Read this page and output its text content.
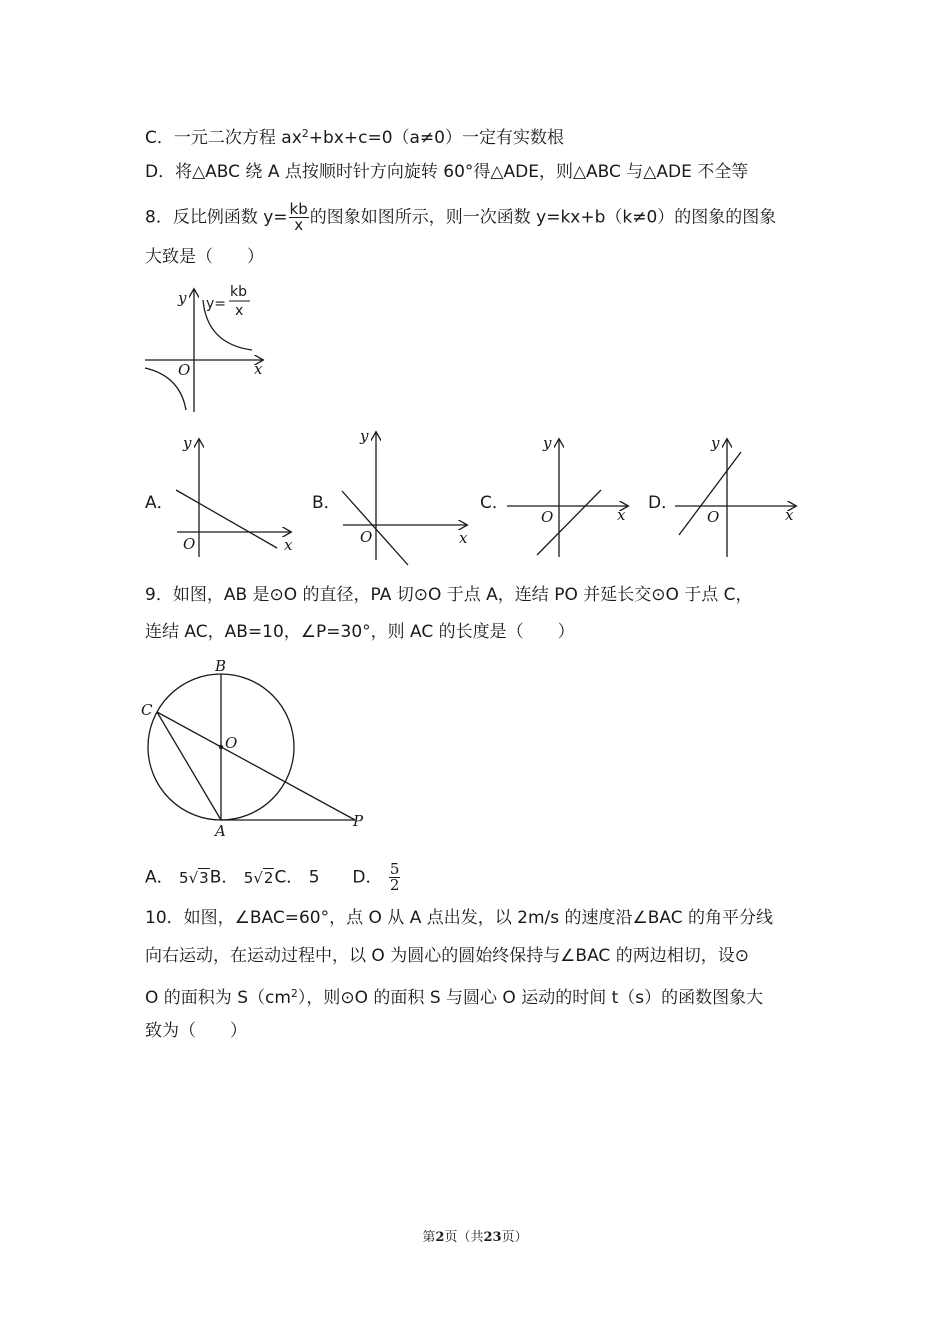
C．一元二次方程 $ax^2+bx+c=0(a\ne 0)$一定有实数根
D．将△ABC 绕 A 点按顺时针方向旋转 60°得△ADE，则△ABC 与△ADE 不全等
8．反比例函数 $y= \frac{kb}{x}$ 的图象如图所示，则一次函数 y=kx+b（k≠0）的图象的图象
大致是（　　）
y
x
O
y=
kb
x
A．
y
x
O
B．
y
x
O
C．
y
x
O
D．
y
x
O
9．如图，AB 是⊙O 的直径，PA 切⊙O 于点 A，连结 PO 并延长交⊙O 于点 C，
连结 AC，AB=10，∠P=30°，则 AC 的长度是（　　）
B
C
O
A
P
A． 5√3B． 5√2C． 5 D． $\frac{5}{2}$
10．如图，∠BAC=60°，点 O 从 A 点出发，以 2m/s 的速度沿∠BAC 的角平分线
向右运动，在运动过程中，以 O 为圆心的圆始终保持与∠BAC 的两边相切，设⊙
O 的面积为 $S(cm^2)$，则⊙O 的面积 S 与圆心 O 运动的时间 t（s）的函数图象大
致为（　　）
第2页（共23页）
